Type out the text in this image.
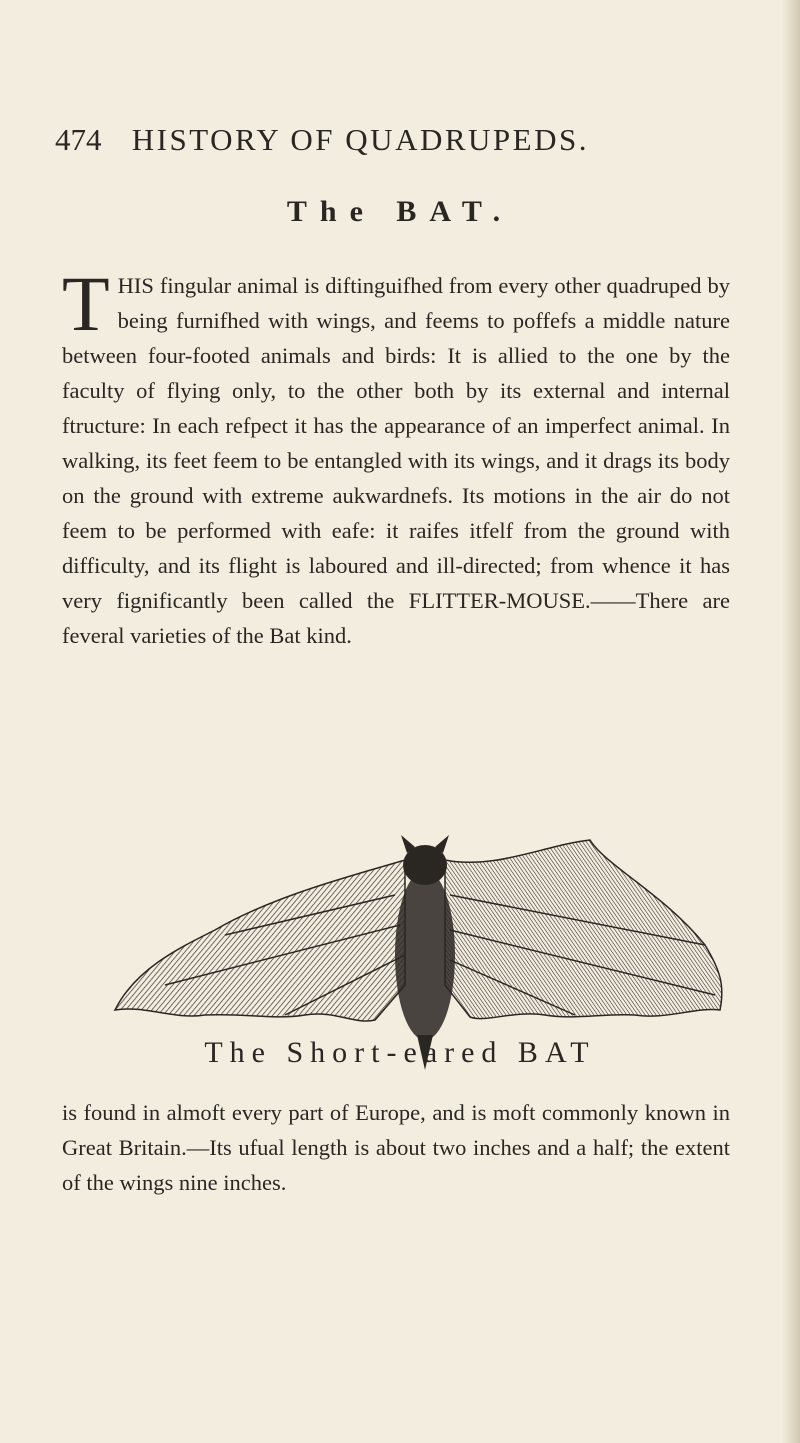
474 HISTORY OF QUADRUPEDS.
The BAT.
T HIS fingular animal is diftinguifhed from every other quadruped by being furnifhed with wings, and feems to poffefs a middle nature between four-footed animals and birds: It is allied to the one by the faculty of flying only, to the other both by its external and internal ftructure: In each refpect it has the appearance of an imperfect animal. In walking, its feet feem to be entangled with its wings, and it drags its body on the ground with extreme aukwardnefs. Its motions in the air do not feem to be performed with eafe: it raifes itfelf from the ground with difficulty, and its flight is laboured and ill-directed; from whence it has very fignificantly been called the FLITTER-MOUSE.——There are feveral varieties of the Bat kind.
The Short-eared BAT
is found in almoft every part of Europe, and is moft commonly known in Great Britain.—Its ufual length is about two inches and a half; the extent of the wings nine inches.
